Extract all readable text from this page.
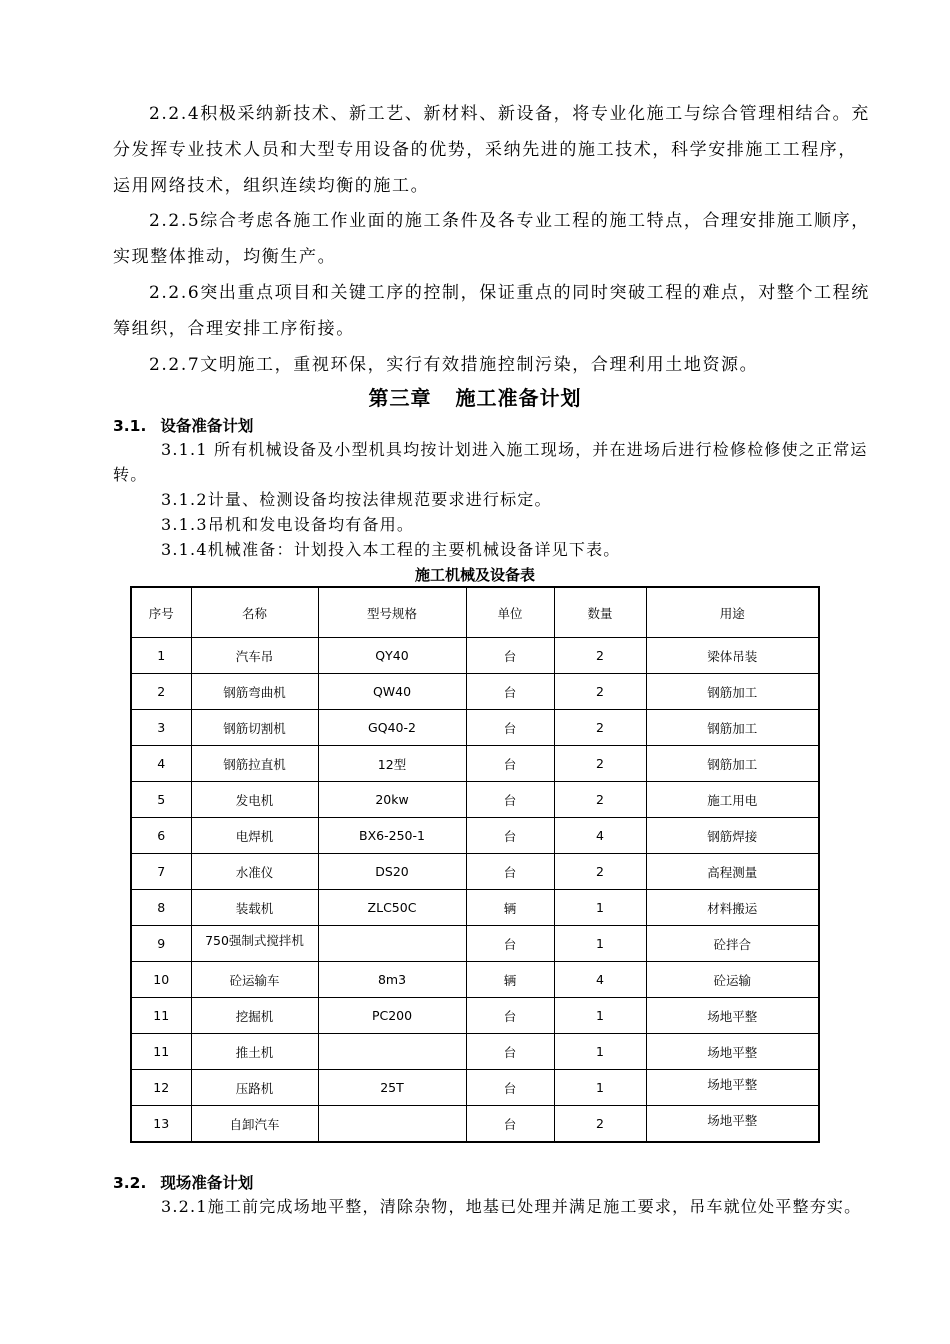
2.2.4积极采纳新技术、新工艺、新材料、新设备，将专业化施工与综合管理相结合。充分发挥专业技术人员和大型专用设备的优势，采纳先进的施工技术，科学安排施工工程序，运用网络技术，组织连续均衡的施工。

2.2.5综合考虑各施工作业面的施工条件及各专业工程的施工特点，合理安排施工顺序，实现整体推动，均衡生产。

2.2.6突出重点项目和关键工序的控制，保证重点的同时突破工程的难点，对整个工程统筹组织，合理安排工序衔接。

2.2.7文明施工，重视环保，实行有效措施控制污染，合理利用土地资源。

第三章 施工准备计划
3.1. 设备准备计划

3.1.1 所有机械设备及小型机具均按计划进入施工现场，并在进场后进行检修检修使之正常运转。

3.1.2计量、检测设备均按法律规范要求进行标定。

3.1.3吊机和发电设备均有备用。

3.1.4机械准备：计划投入本工程的主要机械设备详见下表。

施工机械及设备表
序号	名称	型号规格	单位	数量	用途
1	汽车吊	QY40	台	2	梁体吊装
2	钢筋弯曲机	QW40	台	2	钢筋加工
3	钢筋切割机	GQ40-2	台	2	钢筋加工
4	钢筋拉直机	12型	台	2	钢筋加工
5	发电机	20kw	台	2	施工用电
6	电焊机	BX6-250-1	台	4	钢筋焊接
7	水准仪	DS20	台	2	高程测量
8	装载机	ZLC50C	辆	1	材料搬运
9	750强制式搅拌机		台	1	砼拌合
10	砼运输车	8m3	辆	4	砼运输
11	挖掘机	PC200	台	1	场地平整
11	推土机		台	1	场地平整
12	压路机	25T	台	1	场地平整
13	自卸汽车		台	2	场地平整
3.2. 现场准备计划

3.2.1施工前完成场地平整，清除杂物，地基已处理并满足施工要求，吊车就位处平整夯实。
